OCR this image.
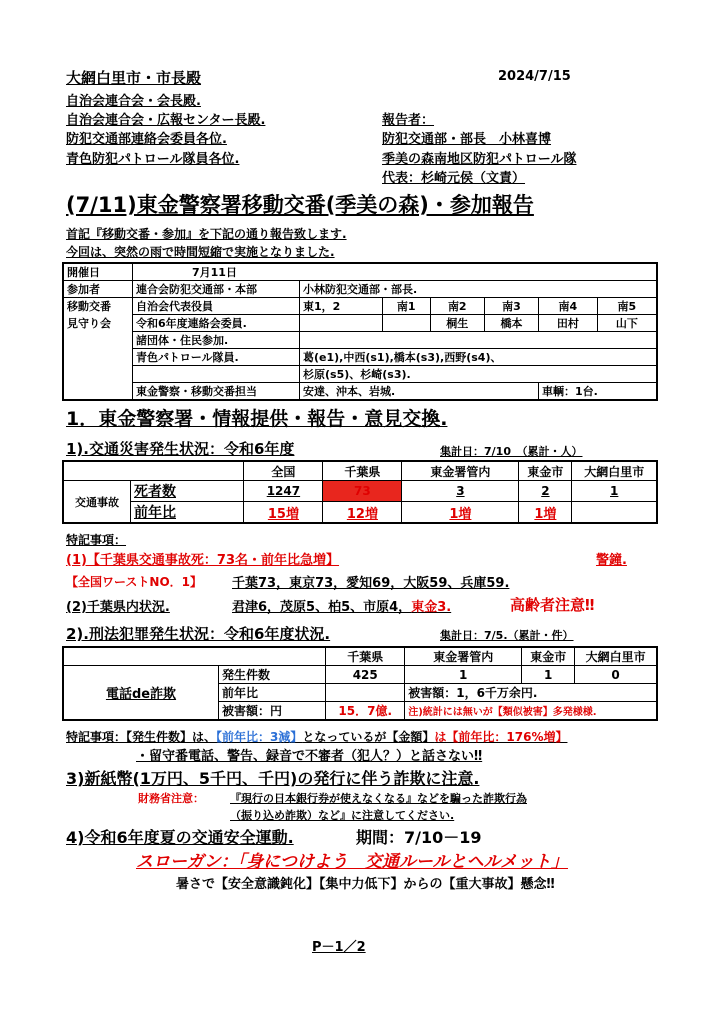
大網白里市・市長殿	2024/7/15
自治会連合会・会長殿.
自治会連合会・広報センター長殿.
防犯交通部連絡会委員各位.
青色防犯パトロール隊員各位.
報告者：
防犯交通部・部長　小林喜博
季美の森南地区防犯パトロール隊
代表：杉崎元侯（文責）
(7/11)東金警察署移動交番(季美の森)・参加報告
首記『移動交番・参加』を下記の通り報告致します.
今回は、突然の雨で時間短縮で実施となりました.
開催日	7月11日						
参加者	連合会防犯交通部・本部	小林防犯交通部・部長.					
移動交番	自治会代表役員	東1，2	南1	南2	南3	南4	南5
見守り会	令和6年度連絡会委員.			桐生	橋本	田村	山下
	諸団体・住民参加.						
	青色パトロール隊員.	葛(e1),中西(s1),橋本(s3),西野(s4)、					
		杉原(s5)、杉崎(s3).					
	東金警察・移動交番担当	安達、沖本、岩城.				車輌：1台.	
1．東金警察署・情報提供・報告・意見交換.
1).交通災害発生状況：令和6年度	集計日：7/10　（累計・人）
		全国	千葉県	東金署管内	東金市	大網白里市
交通事故	死者数	1247	73	3	2	1
	前年比	15増	12増	1増	1増	
特記事項：
(1)【千葉県交通事故死：73名・前年比急増】	警鐘.
【全国ワーストNO．1】 千葉73，東京73，愛知69，大阪59、兵庫59.
(2)千葉県内状況.	君津6，茂原5、柏5、市原4，東金3.	高齢者注意‼
2).刑法犯罪発生状況：令和6年度状況.	集計日：7/5.（累計・件）
		千葉県	東金署管内	東金市	大網白里市
電話de詐欺	発生件数	425	1	1	0
	前年比		被害額：1，6千万余円.		
	被害額：円	15．7億.	注)統計には無いが【類似被害】多発様様.		
特記事項：【発生件数】は、【前年比：3減】となっているが【金額】は【前年比：176%増】
・留守番電話、警告、録音で不審者（犯人？）と話さない‼
3)新紙幣(1万円、5千円、千円)の発行に伴う詐欺に注意.
財務省注意： 『現行の日本銀行券が使えなくなる』などを騙った詐欺行為
（振り込め詐欺）など』に注意してください.
4)令和6年度夏の交通安全運動.	期間：7/10－19
スローガン：「身につけよう　交通ルールとヘルメット」
暑さで【安全意識鈍化】【集中力低下】からの【重大事故】懸念‼
P－1／2
